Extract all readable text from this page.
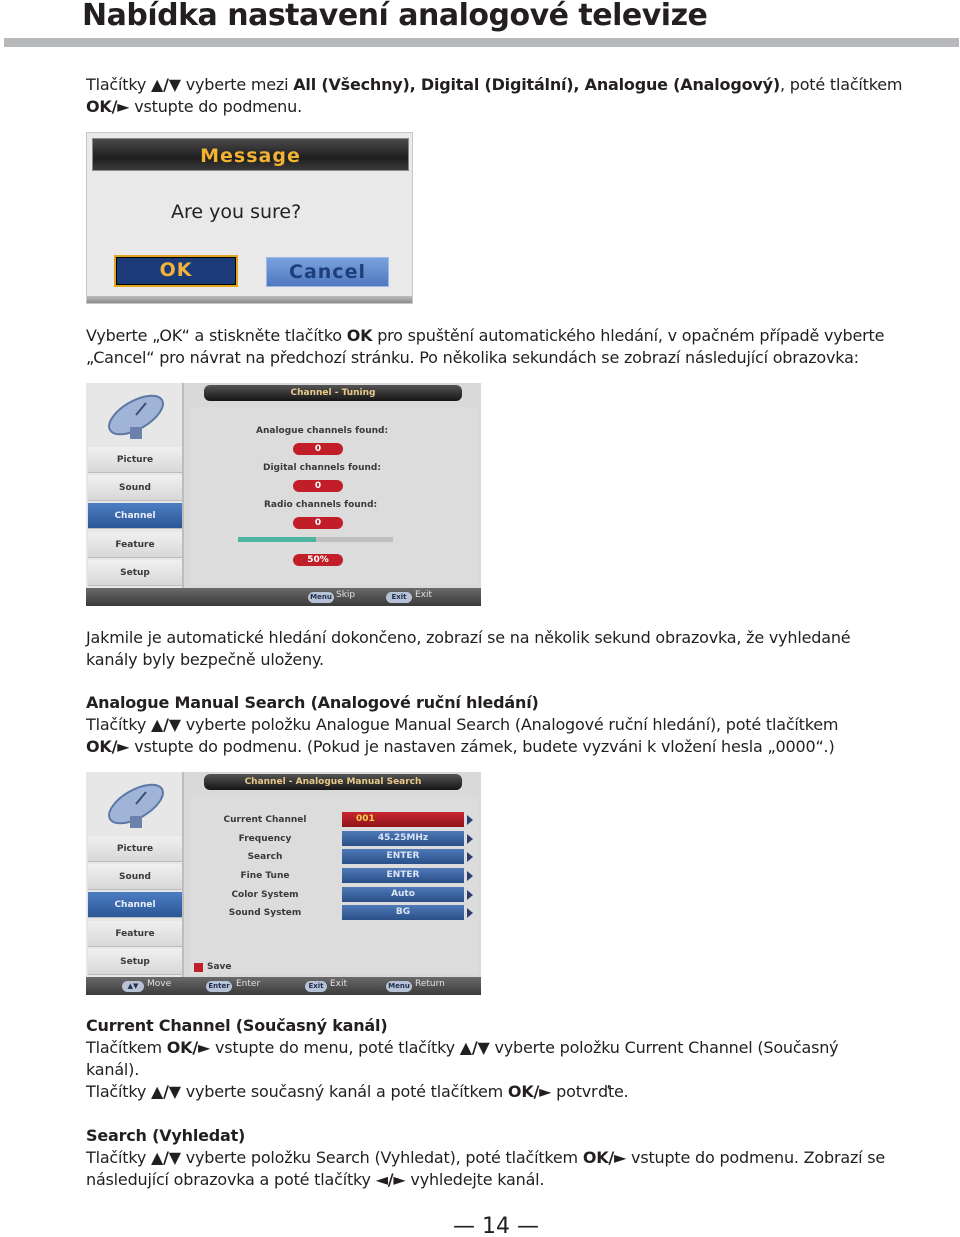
Nabídka nastavení analogové televize
Tlačítky ▲/▼ vyberte mezi All (Všechny), Digital (Digitální), Analogue (Analogový), poté tlačítkem
OK/► vstupte do podmenu.
Message
Are you sure?
OK	Cancel
Vyberte „OK“ a stiskněte tlačítko OK pro spuštění automatického hledání, v opačném případě vyberte
„Cancel“ pro návrat na předchozí stránku. Po několika sekundách se zobrazí následující obrazovka:
Picture
Sound
Channel
Feature
Setup
Channel - Tuning
Analogue channels found:
0
Digital channels found:
0
Radio channels found:
0
50%
Menu Skip	Exit Exit
Jakmile je automatické hledání dokončeno, zobrazí se na několik sekund obrazovka, že vyhledané
kanály byly bezpečně uloženy.
Analogue Manual Search (Analogové ruční hledání)
Tlačítky ▲/▼ vyberte položku Analogue Manual Search (Analogové ruční hledání), poté tlačítkem
OK/► vstupte do podmenu. (Pokud je nastaven zámek, budete vyzváni k vložení hesla „0000“.)
Picture
Sound
Channel
Feature
Setup
Channel - Analogue Manual Search
Current Channel	001
Frequency	45.25MHz
Search	ENTER
Fine Tune	ENTER
Color System	Auto
Sound System	BG
Save
▲▼ Move	Enter Enter	Exit Exit	Menu Return
Current Channel (Současný kanál)
Tlačítkem OK/► vstupte do menu, poté tlačítky ▲/▼ vyberte položku Current Channel (Současný
kanál).
Tlačítky ▲/▼ vyberte současný kanál a poté tlačítkem OK/► potvrďte.
Search (Vyhledat)
Tlačítky ▲/▼ vyberte položku Search (Vyhledat), poté tlačítkem OK/► vstupte do podmenu. Zobrazí se
následující obrazovka a poté tlačítky ◄/► vyhledejte kanál.
— 14 —
